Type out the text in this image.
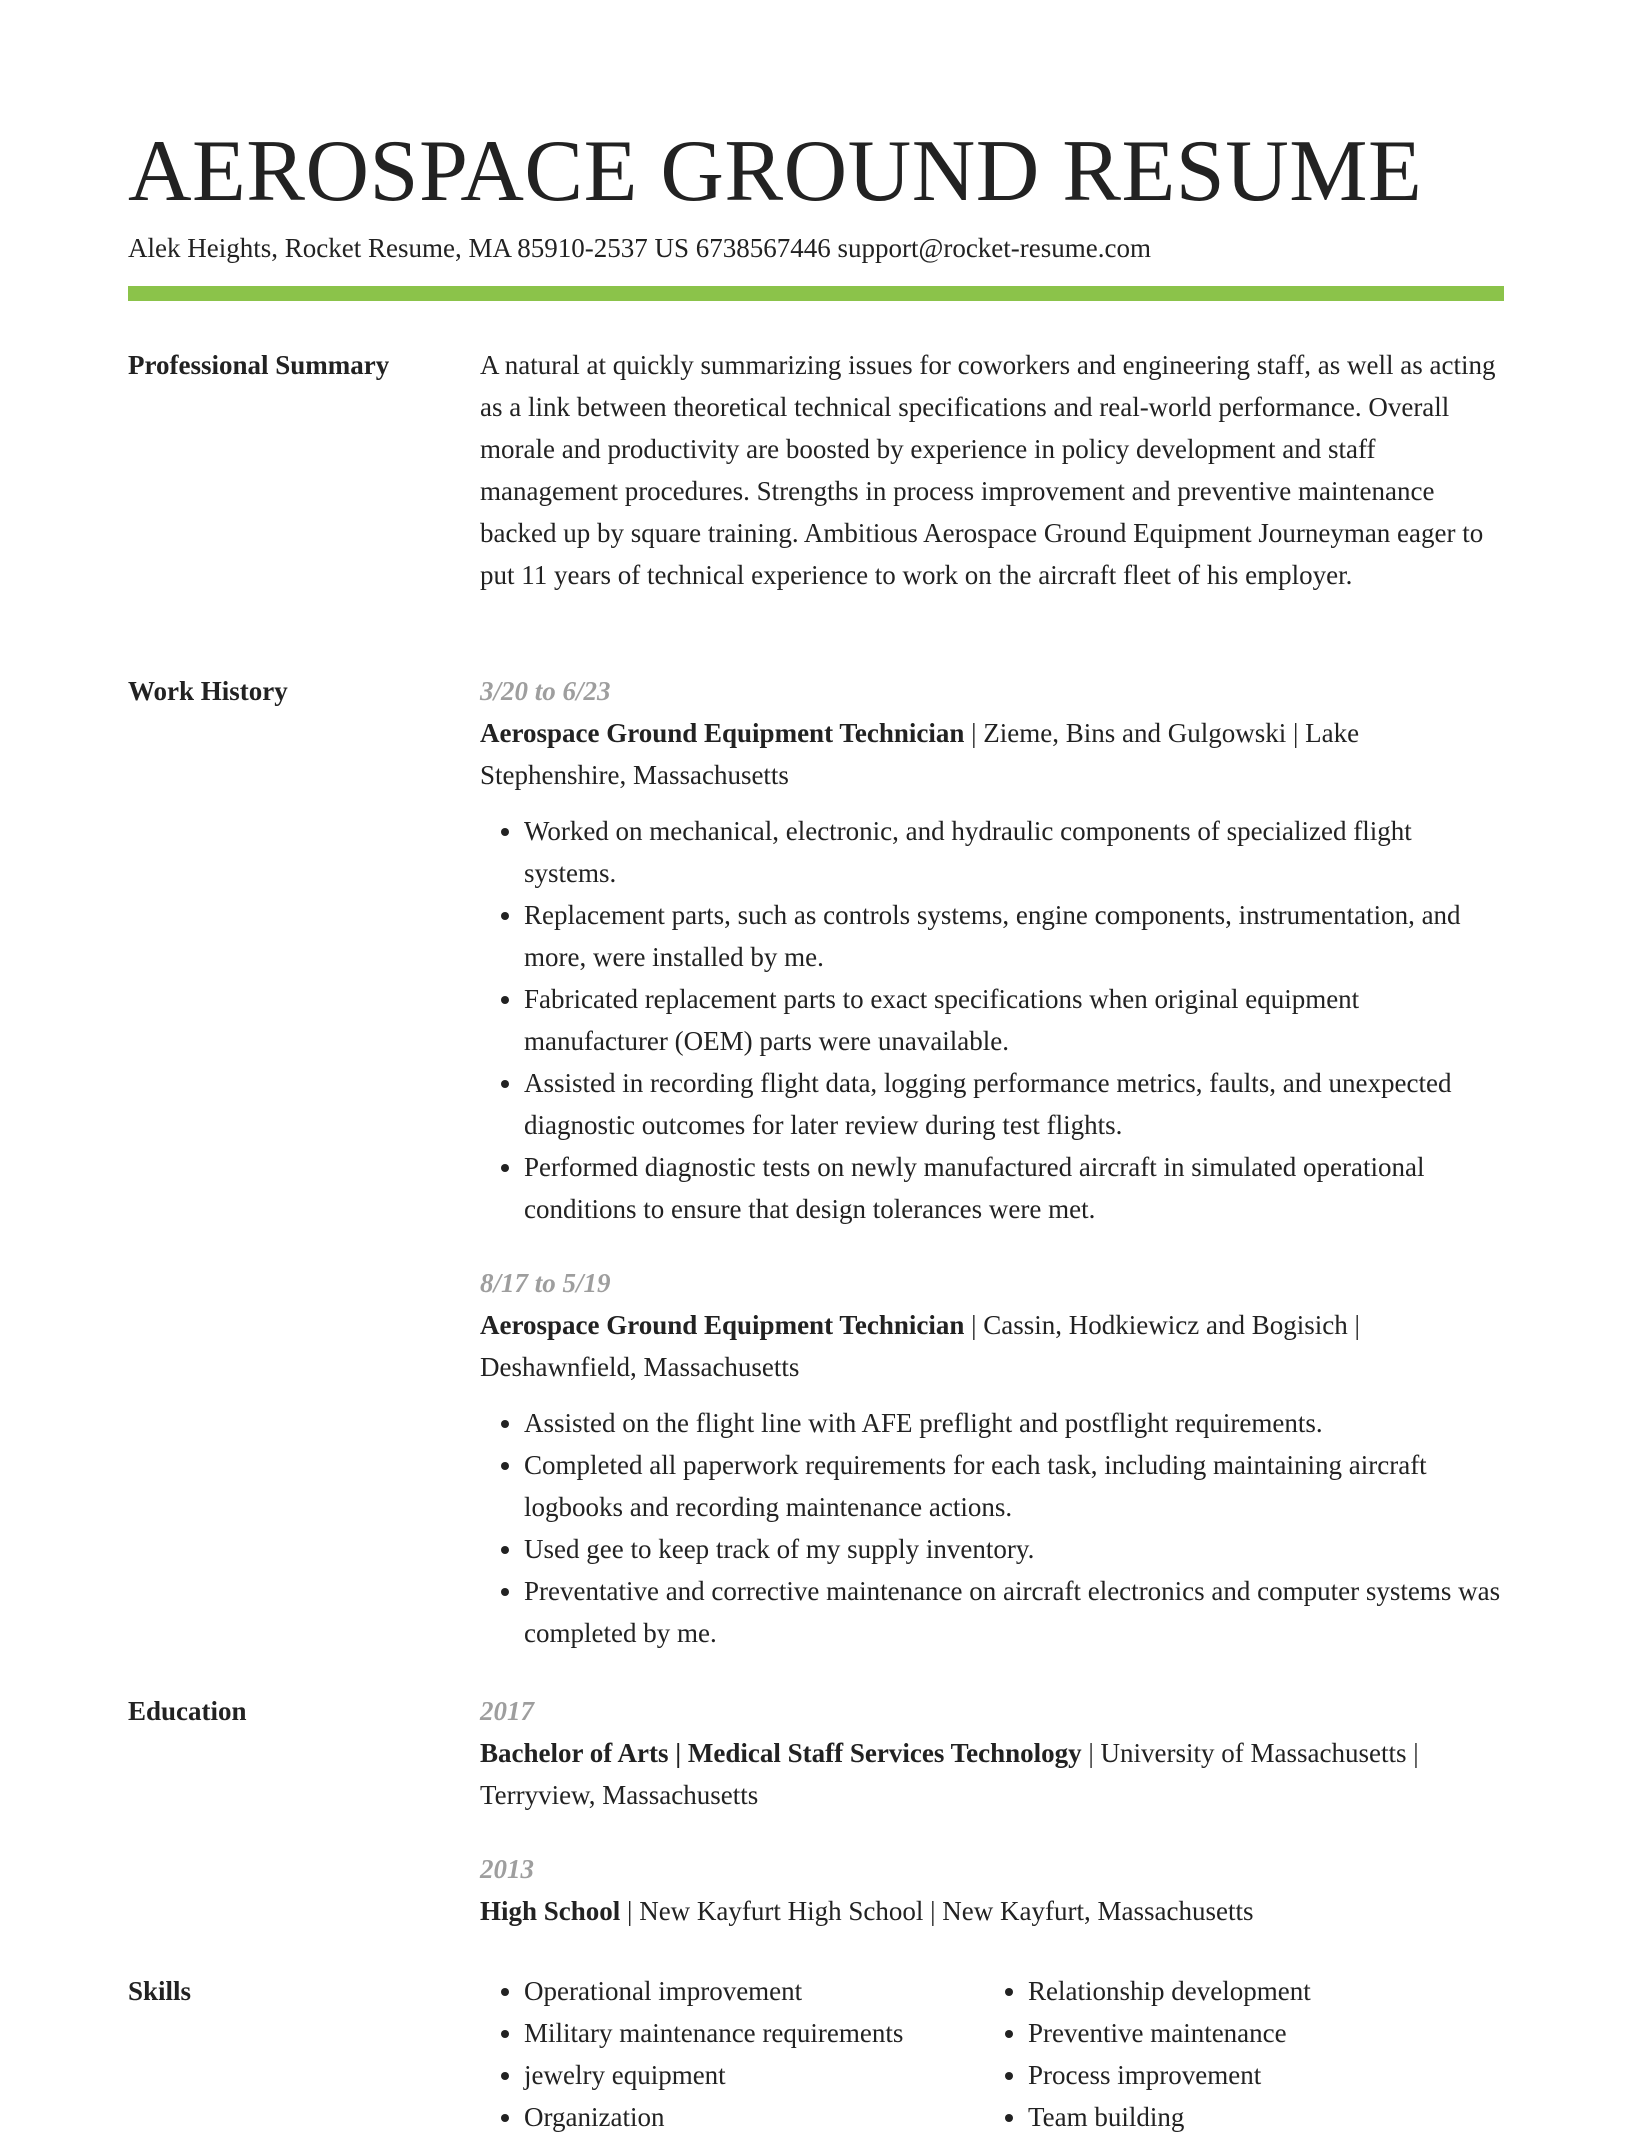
AEROSPACE GROUND RESUME
Alek Heights, Rocket Resume, MA 85910-2537 US 6738567446 support@rocket-resume.com
Professional Summary	A natural at quickly summarizing issues for coworkers and engineering staff, as well as acting as a link between theoretical technical specifications and real-world performance. Overall morale and productivity are boosted by experience in policy development and staff management procedures. Strengths in process improvement and preventive maintenance backed up by square training. Ambitious Aerospace Ground Equipment Journeyman eager to put 11 years of technical experience to work on the aircraft fleet of his employer.

Work History	3/20 to 6/23

Aerospace Ground Equipment Technician | Zieme, Bins and Gulgowski | Lake Stephenshire, Massachusetts

• Worked on mechanical, electronic, and hydraulic components of specialized flight systems.
• Replacement parts, such as controls systems, engine components, instrumentation, and more, were installed by me.
• Fabricated replacement parts to exact specifications when original equipment manufacturer (OEM) parts were unavailable.
• Assisted in recording flight data, logging performance metrics, faults, and unexpected diagnostic outcomes for later review during test flights.
• Performed diagnostic tests on newly manufactured aircraft in simulated operational conditions to ensure that design tolerances were met.
8/17 to 5/19

Aerospace Ground Equipment Technician | Cassin, Hodkiewicz and Bogisich | Deshawnfield, Massachusetts

• Assisted on the flight line with AFE preflight and postflight requirements.
• Completed all paperwork requirements for each task, including maintaining aircraft logbooks and recording maintenance actions.
• Used gee to keep track of my supply inventory.
• Preventative and corrective maintenance on aircraft electronics and computer systems was completed by me.
Education	2017

Bachelor of Arts | Medical Staff Services Technology | University of Massachusetts | Terryview, Massachusetts

2013

High School | New Kayfurt High School | New Kayfurt, Massachusetts

Skills
•	Operational improvement
• Military maintenance requirements
• jewelry equipment
• Organization
• Relationship development
• Preventive maintenance
• Process improvement
• Team building
